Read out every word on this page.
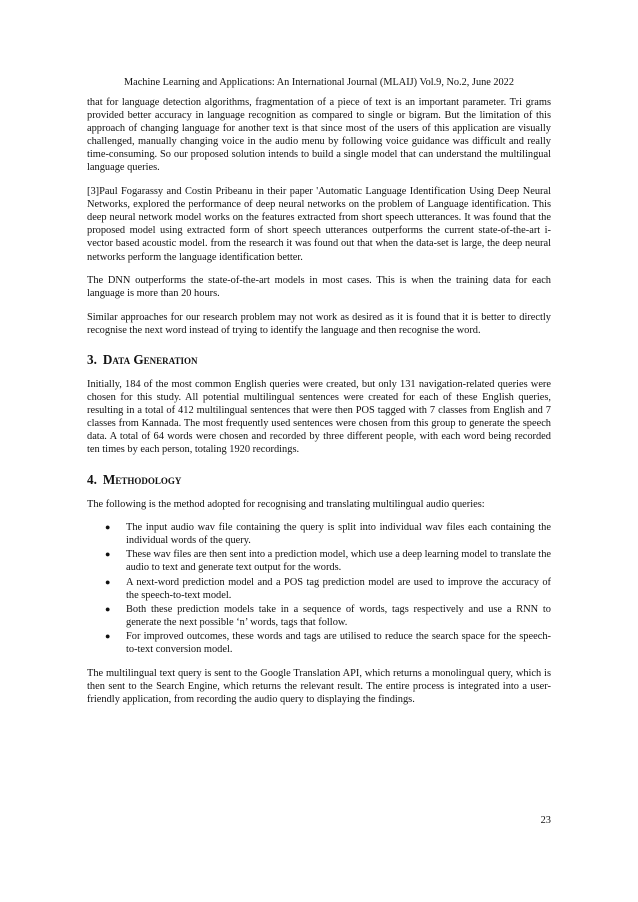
Machine Learning and Applications: An International Journal (MLAIJ) Vol.9, No.2, June 2022

that for language detection algorithms, fragmentation of a piece of text is an important parameter. Tri grams provided better accuracy in language recognition as compared to single or bigram. But the limitation of this approach of changing language for another text is that since most of the users of this application are visually challenged, manually changing voice in the audio menu by following voice guidance was difficult and really time-consuming. So our proposed solution intends to build a single model that can understand the multilingual language queries.

[3]Paul Fogarassy and Costin Pribeanu in their paper 'Automatic Language Identification Using Deep Neural Networks, explored the performance of deep neural networks on the problem of Language identification. This deep neural network model works on the features extracted from short speech utterances. It was found that the proposed model using extracted form of short speech utterances outperforms the current state-of-the-art i-vector based acoustic model. from the research it was found out that when the data-set is large, the deep neural networks perform the language identification better.

The DNN outperforms the state-of-the-art models in most cases. This is when the training data for each language is more than 20 hours.

Similar approaches for our research problem may not work as desired as it is found that it is better to directly recognise the next word instead of trying to identify the language and then recognise the word.

3. Data Generation

Initially, 184 of the most common English queries were created, but only 131 navigation-related queries were chosen for this study. All potential multilingual sentences were created for each of these English queries, resulting in a total of 412 multilingual sentences that were then POS tagged with 7 classes from English and 7 classes from Kannada. The most frequently used sentences were chosen from this group to generate the speech data. A total of 64 words were chosen and recorded by three different people, with each word being recorded ten times by each person, totaling 1920 recordings.

4. Methodology

The following is the method adopted for recognising and translating multilingual audio queries:

● The input audio wav file containing the query is split into individual wav files each containing the individual words of the query.
● These wav files are then sent into a prediction model, which use a deep learning model to translate the audio to text and generate text output for the words.
● A next-word prediction model and a POS tag prediction model are used to improve the accuracy of the speech-to-text model.
● Both these prediction models take in a sequence of words, tags respectively and use a RNN to generate the next possible ‘n’ words, tags that follow.
● For improved outcomes, these words and tags are utilised to reduce the search space for the speech-to-text conversion model.

The multilingual text query is sent to the Google Translation API, which returns a monolingual query, which is then sent to the Search Engine, which returns the relevant result. The entire process is integrated into a user-friendly application, from recording the audio query to displaying the findings.

23
